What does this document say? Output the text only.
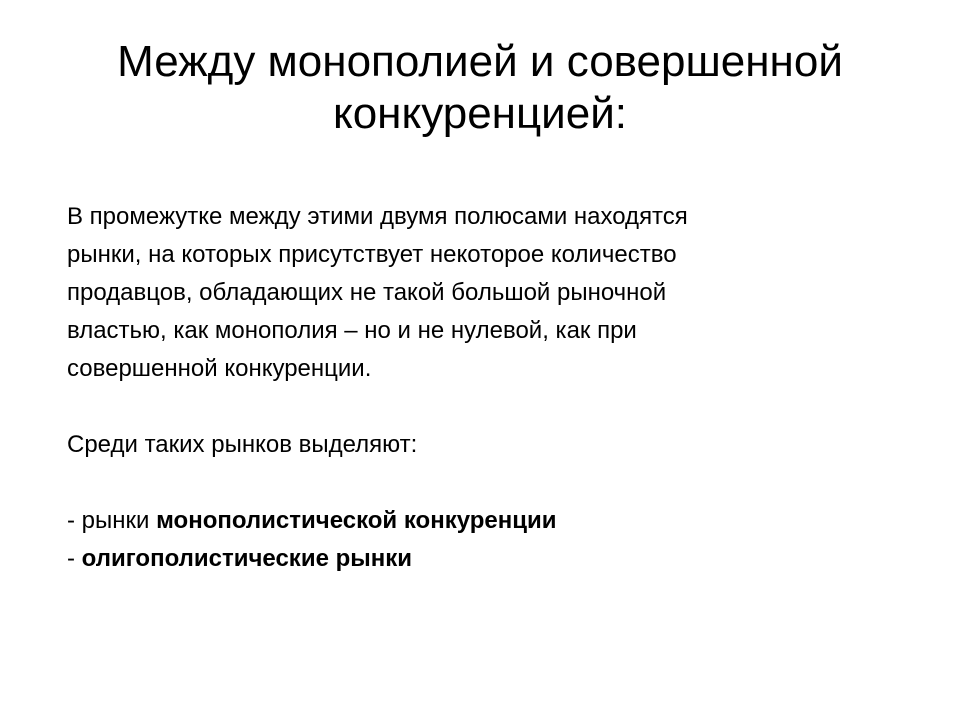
Между монополией и совершенной
конкуренцией:

В промежутке между этими двумя полюсами находятся
рынки, на которых присутствует некоторое количество
продавцов, обладающих не такой большой рыночной
властью, как монополия – но и не нулевой, как при
совершенной конкуренции.

Среди таких рынков выделяют:

- рынки монополистической конкуренции
- олигополистические рынки
